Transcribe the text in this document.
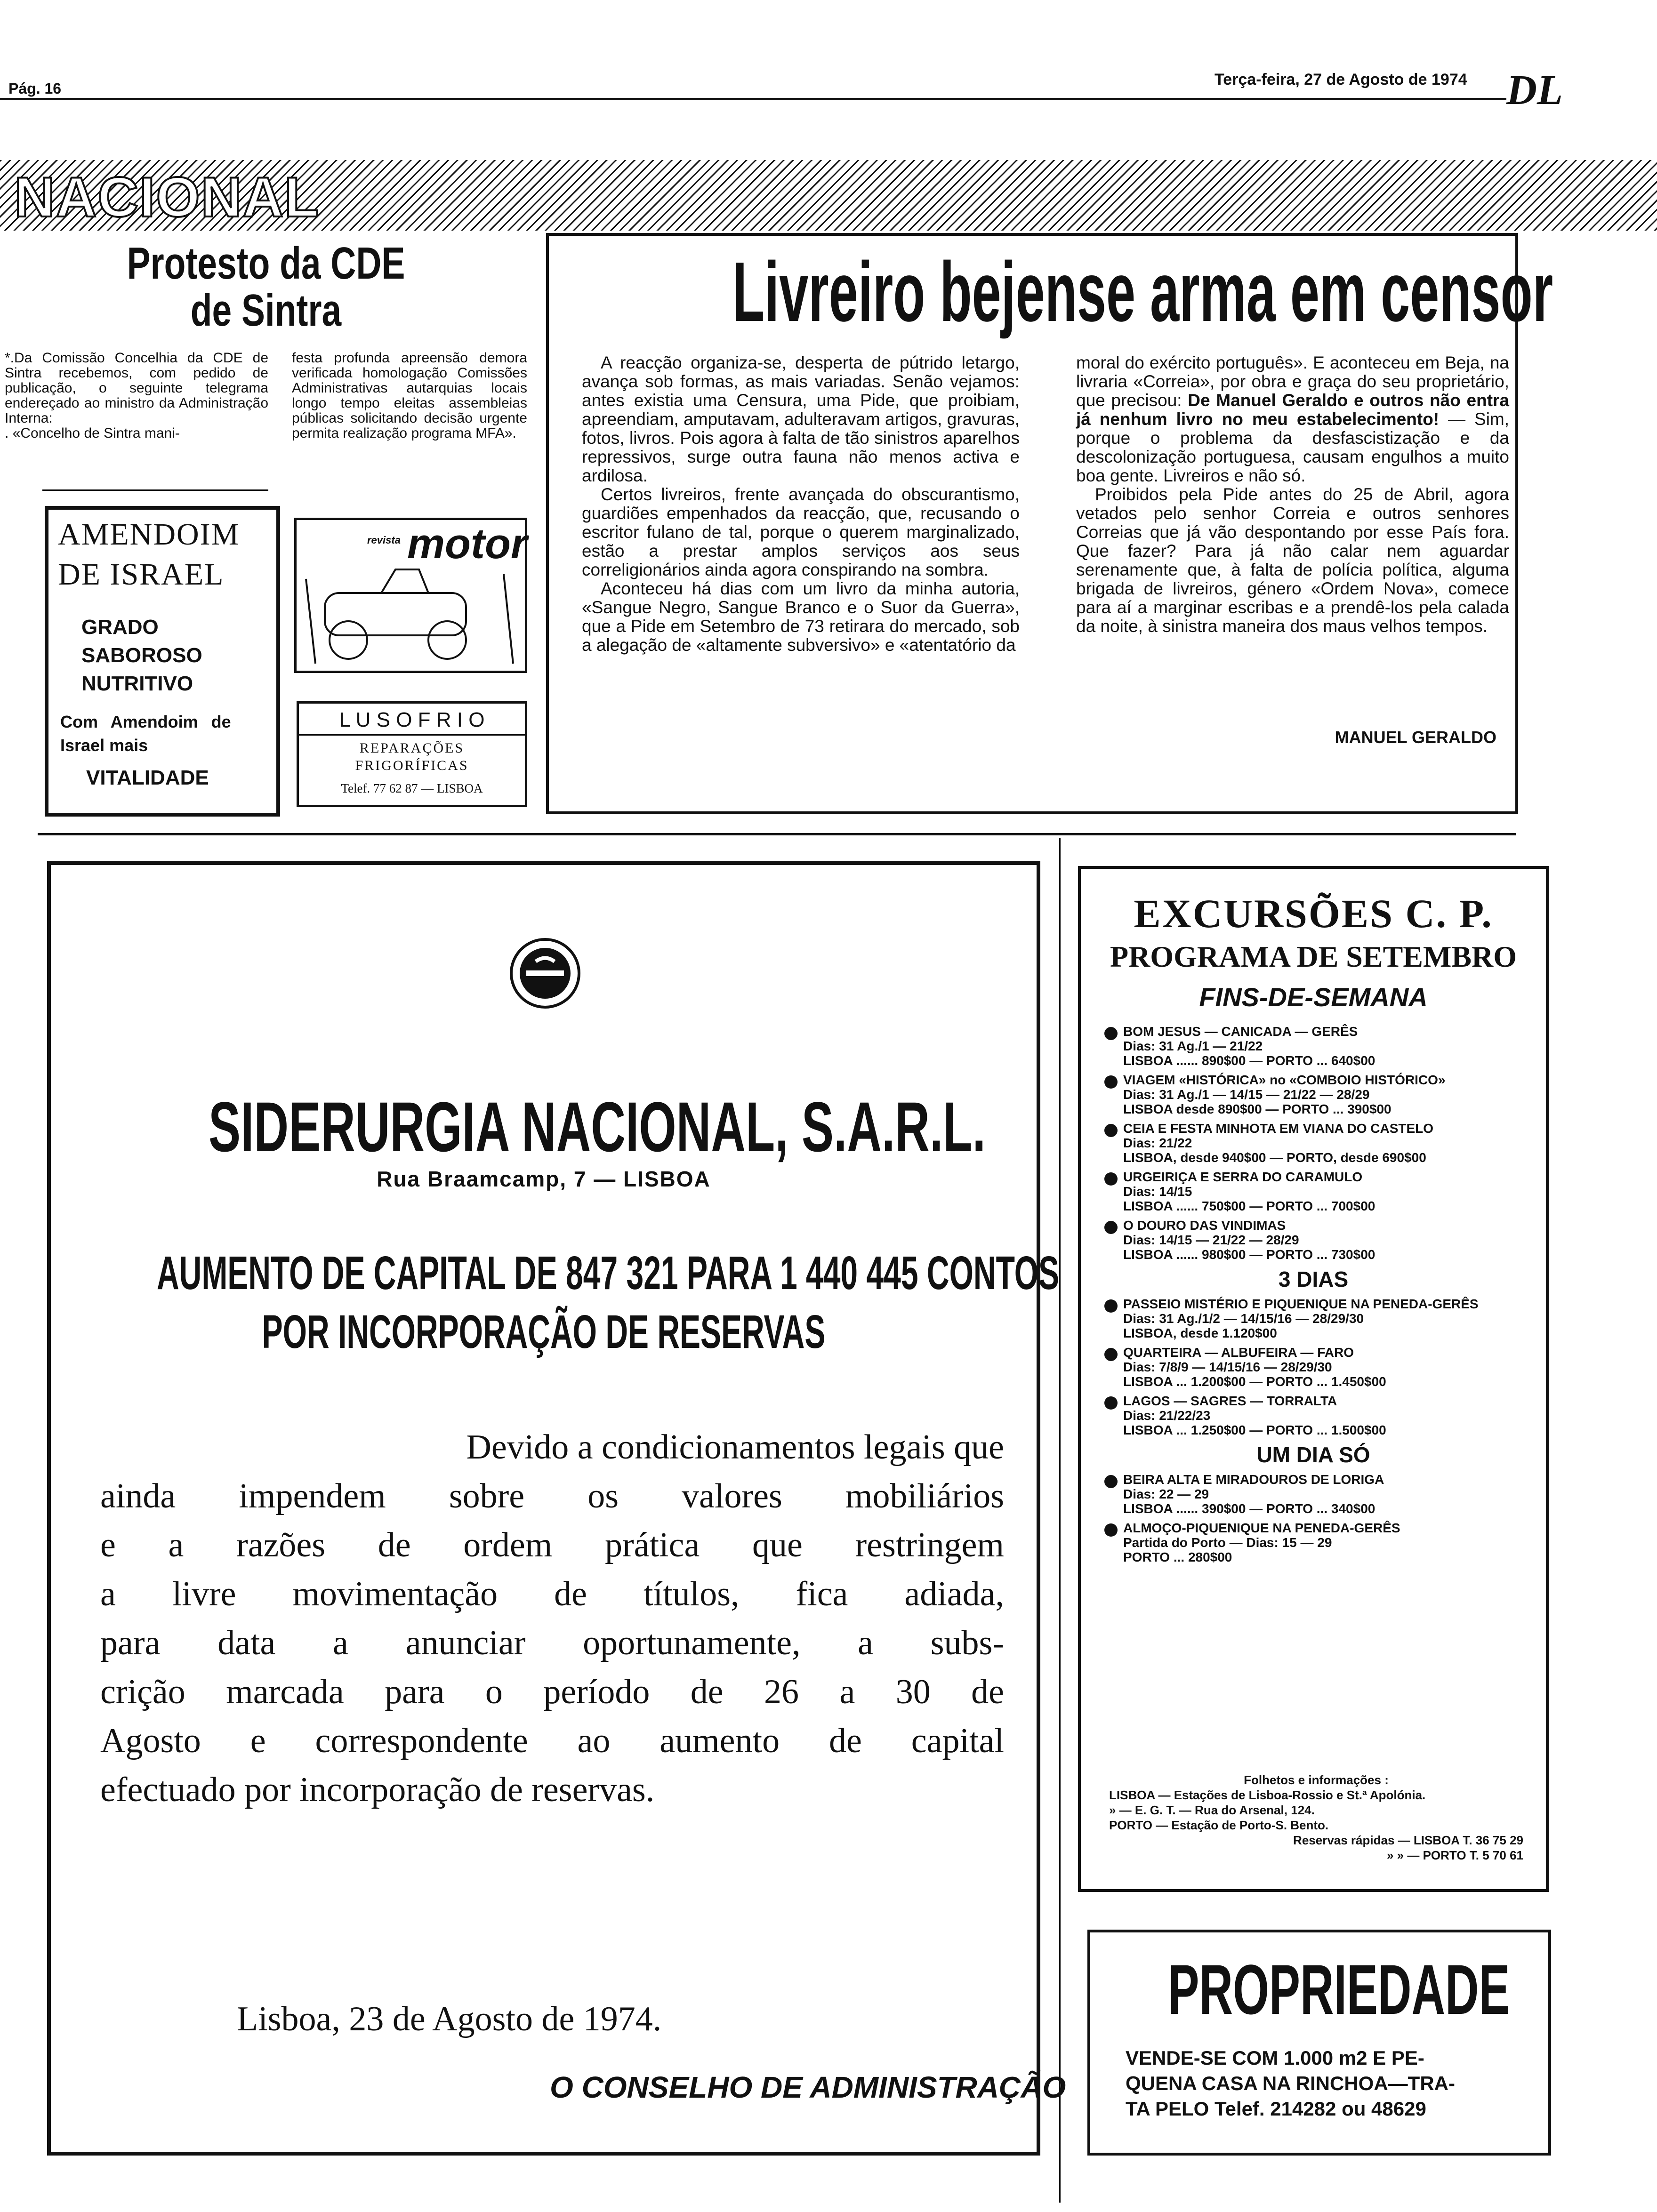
Pág. 16	Terça-feira, 27 de Agosto de 1974 DL
NACIONAL
Protesto da CDE
de Sintra
*.Da Comissão Concelhia da CDE de Sintra recebemos, com pedido de publicação, o seguinte telegrama endereçado ao ministro da Administração Interna:
. «Concelho de Sintra mani-
festa profunda apreensão demora verificada homologação Comissões Administrativas autarquias locais longo tempo eleitas assembleias públicas solicitando decisão urgente permita realização programa MFA».
AMENDOIM
DE ISRAEL
GRADO
SABOROSO
NUTRITIVO
Com Amendoim de
Israel mais
VITALIDADE
revista motor
L U S O F R I O
REPARAÇÕES
FRIGORÍFICAS
Telef. 77 62 87 — LISBOA
Livreiro bejense arma em censor

A reacção organiza-se, desperta de pútrido letargo, avança sob formas, as mais variadas. Senão vejamos: antes existia uma Censura, uma Pide, que proibiam, apreendiam, amputavam, adulteravam artigos, gravuras, fotos, livros. Pois agora à falta de tão sinistros aparelhos repressivos, surge outra fauna não menos activa e ardilosa.

Certos livreiros, frente avançada do obscurantismo, guardiões empenhados da reacção, que, recusando o escritor fulano de tal, porque o querem marginalizado, estão a prestar amplos serviços aos seus correligionários ainda agora conspirando na sombra.

Aconteceu há dias com um livro da minha autoria, «Sangue Negro, Sangue Branco e o Suor da Guerra», que a Pide em Setembro de 73 retirara do mercado, sob a alegação de «altamente subversivo» e «atentatório da

moral do exército português». E aconteceu em Beja, na livraria «Correia», por obra e graça do seu proprietário, que precisou: De Manuel Geraldo e outros não entra já nenhum livro no meu estabelecimento! — Sim, porque o problema da desfascistização e da descolonização portuguesa, causam engulhos a muito boa gente. Livreiros e não só.

Proibidos pela Pide antes do 25 de Abril, agora vetados pelo senhor Correia e outros senhores Correias que já vão despontando por esse País fora. Que fazer? Para já não calar nem aguardar serenamente que, à falta de polícia política, alguma brigada de livreiros, género «Ordem Nova», comece para aí a marginar escribas e a prendê-los pela calada da noite, à sinistra maneira dos maus velhos tempos.

MANUEL GERALDO
SIDERURGIA NACIONAL, S.A.R.L.
Rua Braamcamp, 7 — LISBOA
AUMENTO DE CAPITAL DE 847 321 PARA 1 440 445 CONTOS
POR INCORPORAÇÃO DE RESERVAS
Devido a condicionamentos legais que
ainda impendem sobre os valores mobiliários
e a razões de ordem prática que restringem
a livre movimentação de títulos, fica adiada,
para data a anunciar oportunamente, a subs-
crição marcada para o período de 26 a 30 de
Agosto e correspondente ao aumento de capital
efectuado por incorporação de reservas.
Lisboa, 23 de Agosto de 1974.
O CONSELHO DE ADMINISTRAÇÃO
EXCURSÕES C. P.
PROGRAMA DE SETEMBRO
FINS-DE-SEMANA
BOM JESUS — CANICADA — GERÊS
Dias: 31 Ag./1 — 21/22
LISBOA ...... 890$00 — PORTO ... 640$00
VIAGEM «HISTÓRICA» no «COMBOIO HISTÓRICO»
Dias: 31 Ag./1 — 14/15 — 21/22 — 28/29
LISBOA desde 890$00 — PORTO ... 390$00
CEIA E FESTA MINHOTA EM VIANA DO CASTELO
Dias: 21/22
LISBOA, desde 940$00 — PORTO, desde 690$00
URGEIRIÇA E SERRA DO CARAMULO
Dias: 14/15
LISBOA ...... 750$00 — PORTO ... 700$00
O DOURO DAS VINDIMAS
Dias: 14/15 — 21/22 — 28/29
LISBOA ...... 980$00 — PORTO ... 730$00
3 DIAS
PASSEIO MISTÉRIO E PIQUENIQUE NA PENEDA-GERÊS
Dias: 31 Ag./1/2 — 14/15/16 — 28/29/30
LISBOA, desde 1.120$00
QUARTEIRA — ALBUFEIRA — FARO
Dias: 7/8/9 — 14/15/16 — 28/29/30
LISBOA ... 1.200$00 — PORTO ... 1.450$00
LAGOS — SAGRES — TORRALTA
Dias: 21/22/23
LISBOA ... 1.250$00 — PORTO ... 1.500$00
UM DIA SÓ
BEIRA ALTA E MIRADOUROS DE LORIGA
Dias: 22 — 29
LISBOA ...... 390$00 — PORTO ... 340$00
ALMOÇO-PIQUENIQUE NA PENEDA-GERÊS
Partida do Porto — Dias: 15 — 29
PORTO ... 280$00
Folhetos e informações :
LISBOA — Estações de Lisboa-Rossio e St.ª Apolónia.
» — E. G. T. — Rua do Arsenal, 124.
PORTO — Estação de Porto-S. Bento.
Reservas rápidas — LISBOA T. 36 75 29
» » — PORTO T. 5 70 61
PROPRIEDADE
VENDE-SE COM 1.000 m2 E PE-
QUENA CASA NA RINCHOA—TRA-
TA PELO Telef. 214282 ou 48629
